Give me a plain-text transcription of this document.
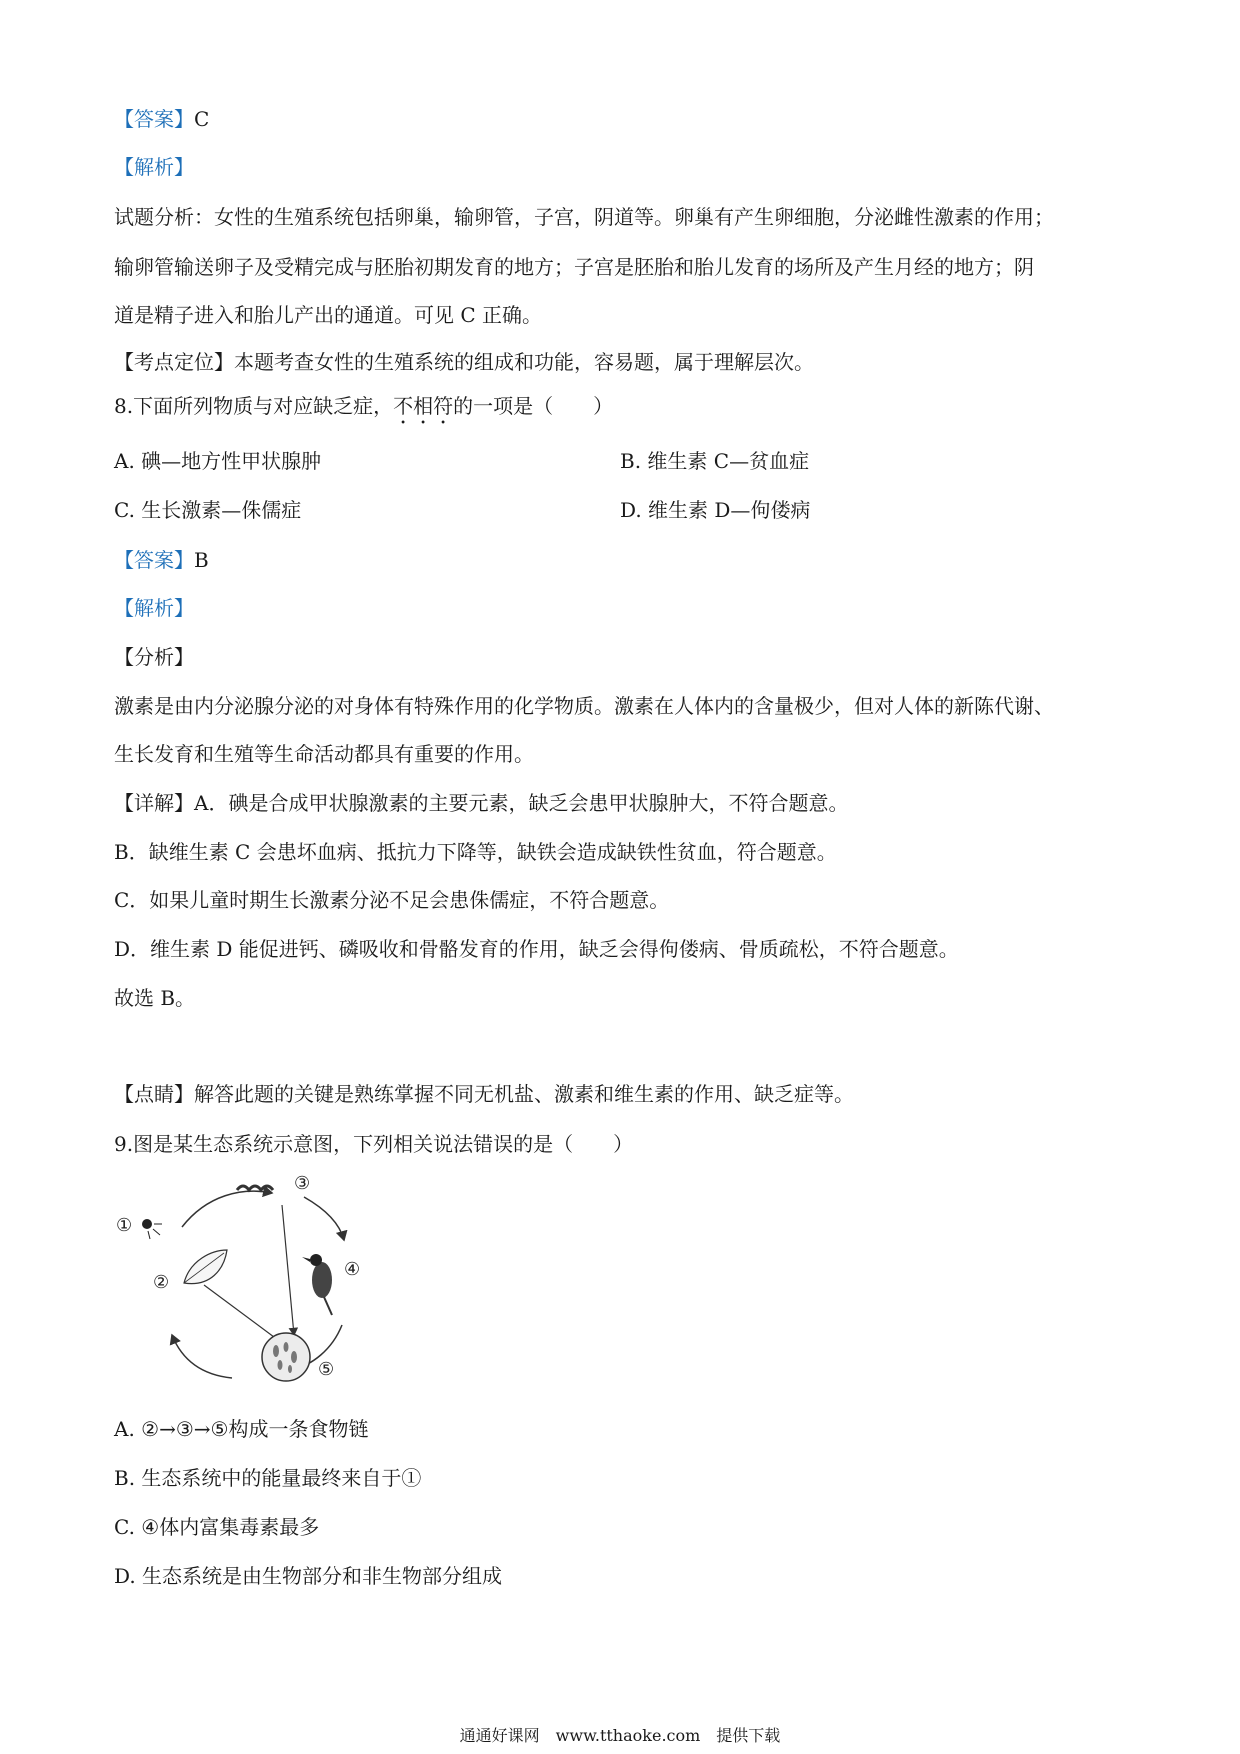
【答案】C
【解析】
试题分析：女性的生殖系统包括卵巢，输卵管，子宫，阴道等。卵巢有产生卵细胞，分泌雌性激素的作用；
输卵管输送卵子及受精完成与胚胎初期发育的地方；子宫是胚胎和胎儿发育的场所及产生月经的地方；阴
道是精子进入和胎儿产出的通道。可见 C 正确。
【考点定位】本题考查女性的生殖系统的组成和功能，容易题，属于理解层次。
8.下面所列物质与对应缺乏症，不相符的一项是（　　）
A. 碘—地方性甲状腺肿	B. 维生素 C—贫血症
C. 生长激素—侏儒症	D. 维生素 D—佝偻病
【答案】B
【解析】
【分析】
激素是由内分泌腺分泌的对身体有特殊作用的化学物质。激素在人体内的含量极少，但对人体的新陈代谢、
生长发育和生殖等生命活动都具有重要的作用。
【详解】A．碘是合成甲状腺激素的主要元素，缺乏会患甲状腺肿大，不符合题意。
B．缺维生素 C 会患坏血病、抵抗力下降等，缺铁会造成缺铁性贫血，符合题意。
C．如果儿童时期生长激素分泌不足会患侏儒症，不符合题意。
D．维生素 D 能促进钙、磷吸收和骨骼发育的作用，缺乏会得佝偻病、骨质疏松，不符合题意。
故选 B。
【点睛】解答此题的关键是熟练掌握不同无机盐、激素和维生素的作用、缺乏症等。
9.图是某生态系统示意图，下列相关说法错误的是（　　）
①
②
③
④
⑤
A. ②→③→⑤构成一条食物链
B. 生态系统中的能量最终来自于①
C. ④体内富集毒素最多
D. 生态系统是由生物部分和非生物部分组成
通通好课网　www.tthaoke.com　提供下载
